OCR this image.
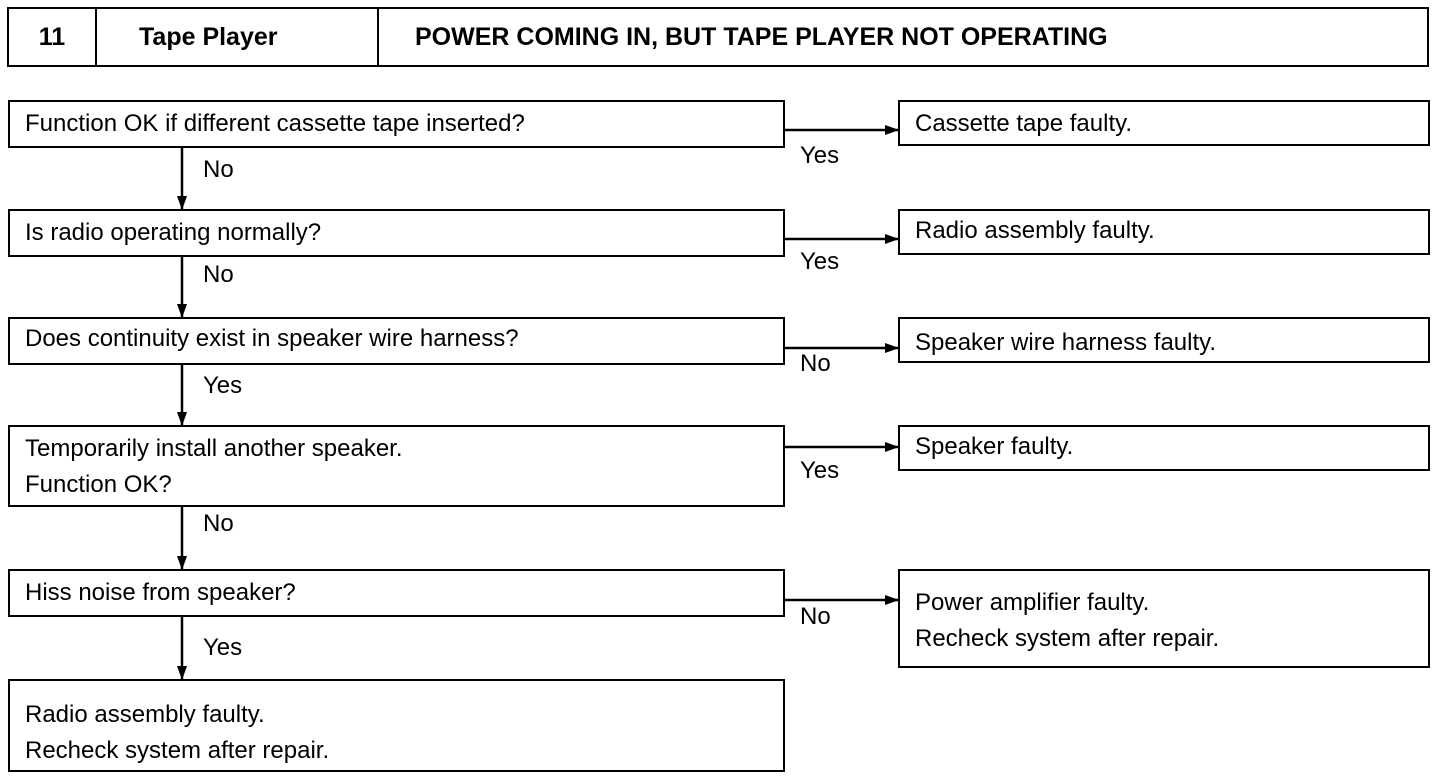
11	Tape Player	POWER COMING IN, BUT TAPE PLAYER NOT OPERATING
Function OK if different cassette tape inserted?
Yes
Cassette tape faulty.
No
Is radio operating normally?
Yes
Radio assembly faulty.
No
Does continuity exist in speaker wire harness?
No
Speaker wire harness faulty.
Yes
Temporarily install another speaker.
Function OK?
Yes
Speaker faulty.
No
Hiss noise from speaker?
No
Power amplifier faulty.
Recheck system after repair.
Yes
Radio assembly faulty.
Recheck system after repair.
